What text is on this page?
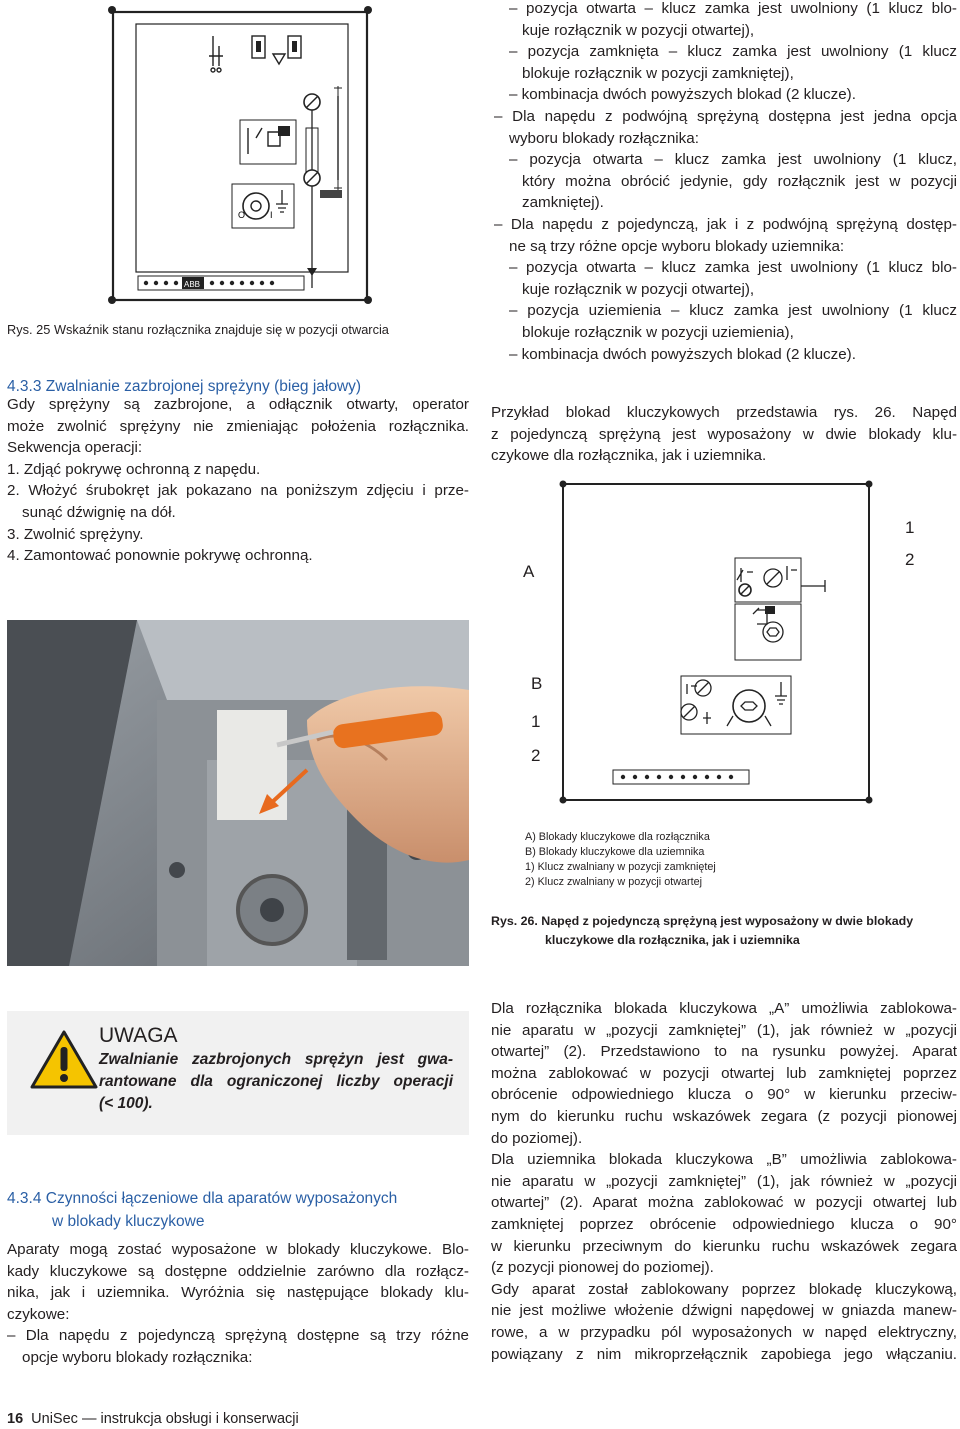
O	I
ABB
Rys. 25 Wskaźnik stanu rozłącznika znajduje się w pozycji otwarcia
4.3.3 Zwalnianie zazbrojonej sprężyny (bieg jałowy)
Gdy sprężyny są zazbrojone, a odłącznik otwarty, operator
może zwolnić sprężyny nie zmieniając położenia rozłącznika.
Sekwencja operacji:
1. Zdjąć pokrywę ochronną z napędu.
2. Włożyć śrubokręt jak pokazano na poniższym zdjęciu i prze-
sunąć dźwignię na dół.
3. Zwolnić sprężyny.
4. Zamontować ponownie pokrywę ochronną.
UWAGA
Zwalnianie zazbrojonych sprężyn jest gwa-
rantowane dla ograniczonej liczby operacji
(< 100).
4.3.4 Czynności łączeniowe dla aparatów wyposażonych
w blokady kluczykowe
Aparaty mogą zostać wyposażone w blokady kluczykowe. Blo-
kady kluczykowe są dostępne oddzielnie zarówno dla rozłącz-
nika, jak i uziemnika. Wyróżnia się następujące blokady klu-
czykowe:
– Dla napędu z pojedynczą sprężyną dostępne są trzy różne
opcje wyboru blokady rozłącznika:
– pozycja otwarta – klucz zamka jest uwolniony (1 klucz blo-
kuje rozłącznik w pozycji otwartej),
– pozycja zamknięta – klucz zamka jest uwolniony (1 klucz
blokuje rozłącznik w pozycji zamkniętej),
– kombinacja dwóch powyższych blokad (2 klucze).
– Dla napędu z podwójną sprężyną dostępna jest jedna opcja
wyboru blokady rozłącznika:
– pozycja otwarta – klucz zamka jest uwolniony (1 klucz,
który można obrócić jedynie, gdy rozłącznik jest w pozycji
zamkniętej).
– Dla napędu z pojedynczą, jak i z podwójną sprężyną dostęp-
ne są trzy różne opcje wyboru blokady uziemnika:
– pozycja otwarta – klucz zamka jest uwolniony (1 klucz blo-
kuje rozłącznik w pozycji otwartej),
– pozycja uziemienia – klucz zamka jest uwolniony (1 klucz
blokuje rozłącznik w pozycji uziemienia),
– kombinacja dwóch powyższych blokad (2 klucze).
Przykład blokad kluczykowych przedstawia rys. 26. Napęd
z pojedynczą sprężyną jest wyposażony w dwie blokady klu-
czykowe dla rozłącznika, jak i uziemnika.
A
1
2
B
1
2
A) Blokady kluczykowe dla rozłącznika
B) Blokady kluczykowe dla uziemnika
1) Klucz zwalniany w pozycji zamkniętej
2) Klucz zwalniany w pozycji otwartej
Rys. 26. Napęd z pojedynczą sprężyną jest wyposażony w dwie blokady
kluczykowe dla rozłącznika, jak i uziemnika
Dla rozłącznika blokada kluczykowa „A” umożliwia zablokowa-
nie aparatu w „pozycji zamkniętej” (1), jak również w „pozycji
otwartej” (2). Przedstawiono to na rysunku powyżej. Aparat
można zablokować w pozycji otwartej lub zamkniętej poprzez
obrócenie odpowiedniego klucza o 90° w kierunku przeciw-
nym do kierunku ruchu wskazówek zegara (z pozycji pionowej
do poziomej).
Dla uziemnika blokada kluczykowa „B” umożliwia zablokowa-
nie aparatu w „pozycji zamkniętej” (1), jak również w „pozycji
otwartej” (2). Aparat można zablokować w pozycji otwartej lub
zamkniętej poprzez obrócenie odpowiedniego klucza o 90°
w kierunku przeciwnym do kierunku ruchu wskazówek zegara
(z pozycji pionowej do poziomej).
Gdy aparat został zablokowany poprzez blokadę kluczykową,
nie jest możliwe włożenie dźwigni napędowej w gniazda manew-
rowe, a w przypadku pól wyposażonych w napęd elektryczny,
powiązany z nim mikroprzełącznik zapobiega jego włączaniu.
16 UniSec — instrukcja obsługi i konserwacji
